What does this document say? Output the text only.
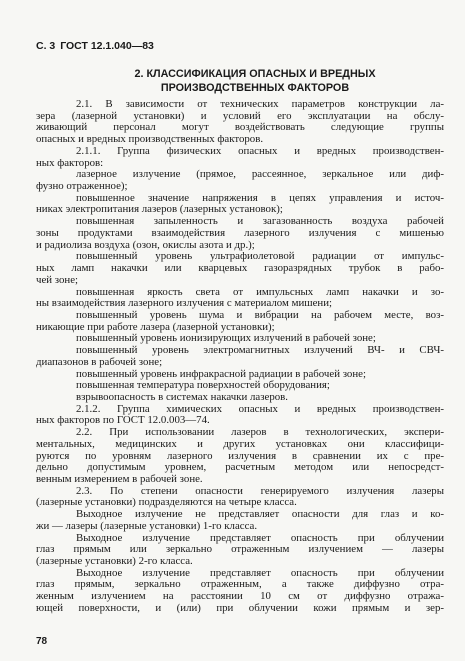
С. 3 ГОСТ 12.1.040—83
2. КЛАССИФИКАЦИЯ ОПАСНЫХ И ВРЕДНЫХ
ПРОИЗВОДСТВЕННЫХ ФАКТОРОВ
2.1. В зависимости от технических параметров конструкции ла-
зера (лазерной установки) и условий его эксплуатации на обслу-
живающий персонал могут воздействовать следующие группы
опасных и вредных производственных факторов.
2.1.1. Группа физических опасных и вредных производствен-
ных факторов:
лазерное излучение (прямое, рассеянное, зеркальное или диф-
фузно отраженное);
повышенное значение напряжения в цепях управления и источ-
никах электропитания лазеров (лазерных установок);
повышенная запыленность и загазованность воздуха рабочей
зоны продуктами взаимодействия лазерного излучения с мишенью
и радиолиза воздуха (озон, окислы азота и др.);
повышенный уровень ультрафиолетовой радиации от импульс-
ных ламп накачки или кварцевых газоразрядных трубок в рабо-
чей зоне;
повышенная яркость света от импульсных ламп накачки и зо-
ны взаимодействия лазерного излучения с материалом мишени;
повышенный уровень шума и вибрации на рабочем месте, воз-
никающие при работе лазера (лазерной установки);
повышенный уровень ионизирующих излучений в рабочей зоне;
повышенный уровень электромагнитных излучений ВЧ- и СВЧ-
диапазонов в рабочей зоне;
повышенный уровень инфракрасной радиации в рабочей зоне;
повышенная температура поверхностей оборудования;
взрывоопасность в системах накачки лазеров.
2.1.2. Группа химических опасных и вредных производствен-
ных факторов по ГОСТ 12.0.003—74.
2.2. При использовании лазеров в технологических, экспери-
ментальных, медицинских и других установках они классифици-
руются по уровням лазерного излучения в сравнении их с пре-
дельно допустимым уровнем, расчетным методом или непосредст-
венным измерением в рабочей зоне.
2.3. По степени опасности генерируемого излучения лазеры
(лазерные установки) подразделяются на четыре класса.
Выходное излучение не представляет опасности для глаз и ко-
жи — лазеры (лазерные установки) 1-го класса.
Выходное излучение представляет опасность при облучении
глаз прямым или зеркально отраженным излучением — лазеры
(лазерные установки) 2-го класса.
Выходное излучение представляет опасность при облучении
глаз прямым, зеркально отраженным, а также диффузно отра-
женным излучением на расстоянии 10 см от диффузно отража-
ющей поверхности, и (или) при облучении кожи прямым и зер-
78
